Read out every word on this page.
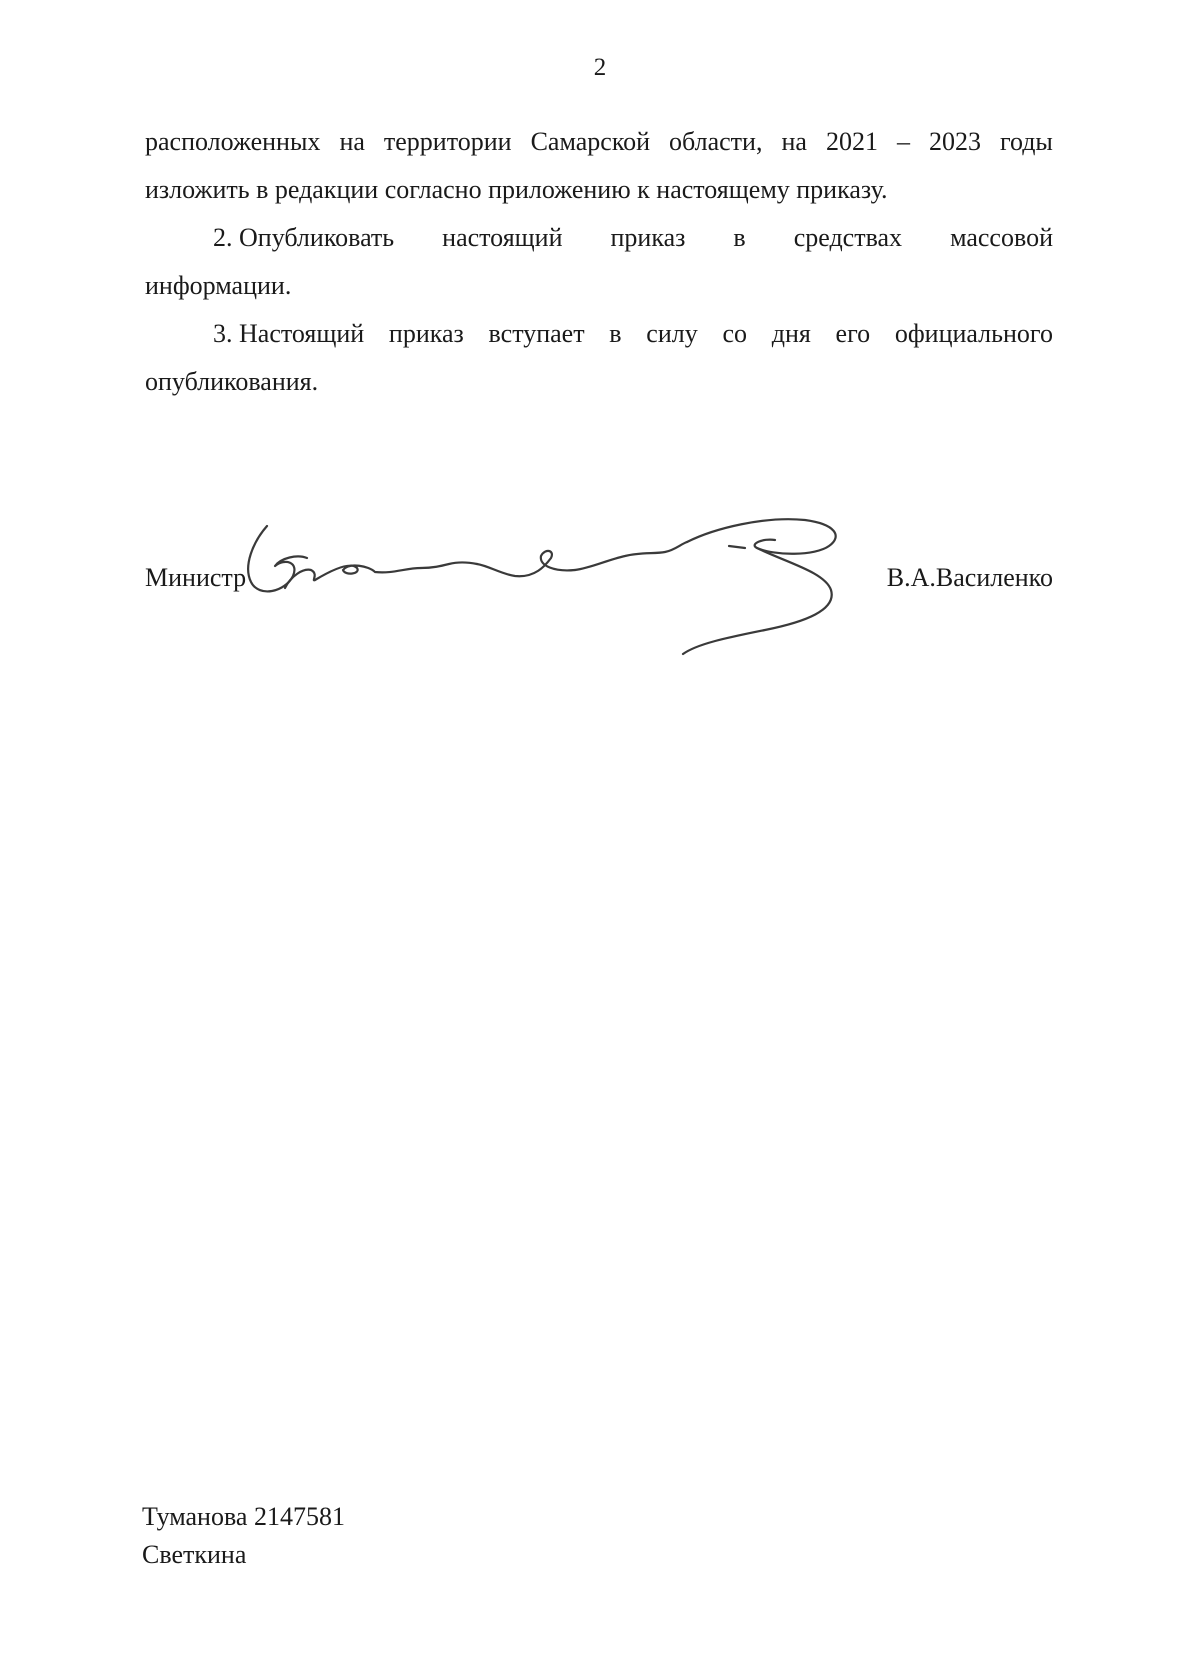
2
расположенных на территории Самарской области, на 2021 – 2023 годы

изложить в редакции согласно приложению к настоящему приказу.

2. Опубликовать настоящий приказ в средствах массовой

информации.

3. Настоящий приказ вступает в силу со дня его официального

опубликования.

Министр	В.А.Василенко
Туманова 2147581
Светкина
